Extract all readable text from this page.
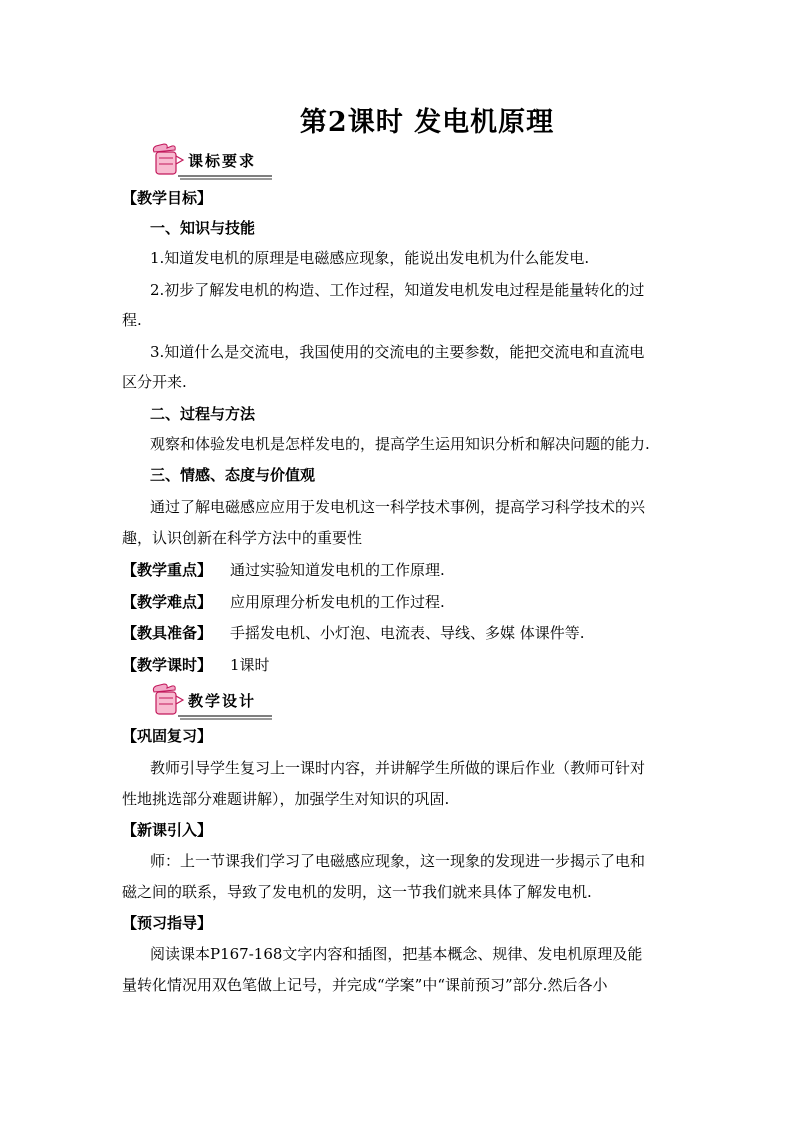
第2课时 发电机原理
课标要求
【教学目标】
一、知识与技能
1.知道发电机的原理是电磁感应现象，能说出发电机为什么能发电.
2.初步了解发电机的构造、工作过程，知道发电机发电过程是能量转化的过
程.
3.知道什么是交流电，我国使用的交流电的主要参数，能把交流电和直流电
区分开来.
二、过程与方法
观察和体验发电机是怎样发电的，提高学生运用知识分析和解决问题的能力.
三、情感、态度与价值观
通过了解电磁感应应用于发电机这一科学技术事例，提高学习科学技术的兴
趣，认识创新在科学方法中的重要性
【教学重点】 通过实验知道发电机的工作原理.
【教学难点】 应用原理分析发电机的工作过程.
【教具准备】 手摇发电机、小灯泡、电流表、导线、多媒 体课件等.
【教学课时】 1课时
教学设计
【巩固复习】
教师引导学生复习上一课时内容，并讲解学生所做的课后作业（教师可针对
性地挑选部分难题讲解），加强学生对知识的巩固.
【新课引入】
师：上一节课我们学习了电磁感应现象，这一现象的发现进一步揭示了电和
磁之间的联系，导致了发电机的发明，这一节我们就来具体了解发电机.
【预习指导】
阅读课本P167-168文字内容和插图，把基本概念、规律、发电机原理及能
量转化情况用双色笔做上记号，并完成“学案”中“课前预习”部分.然后各小
